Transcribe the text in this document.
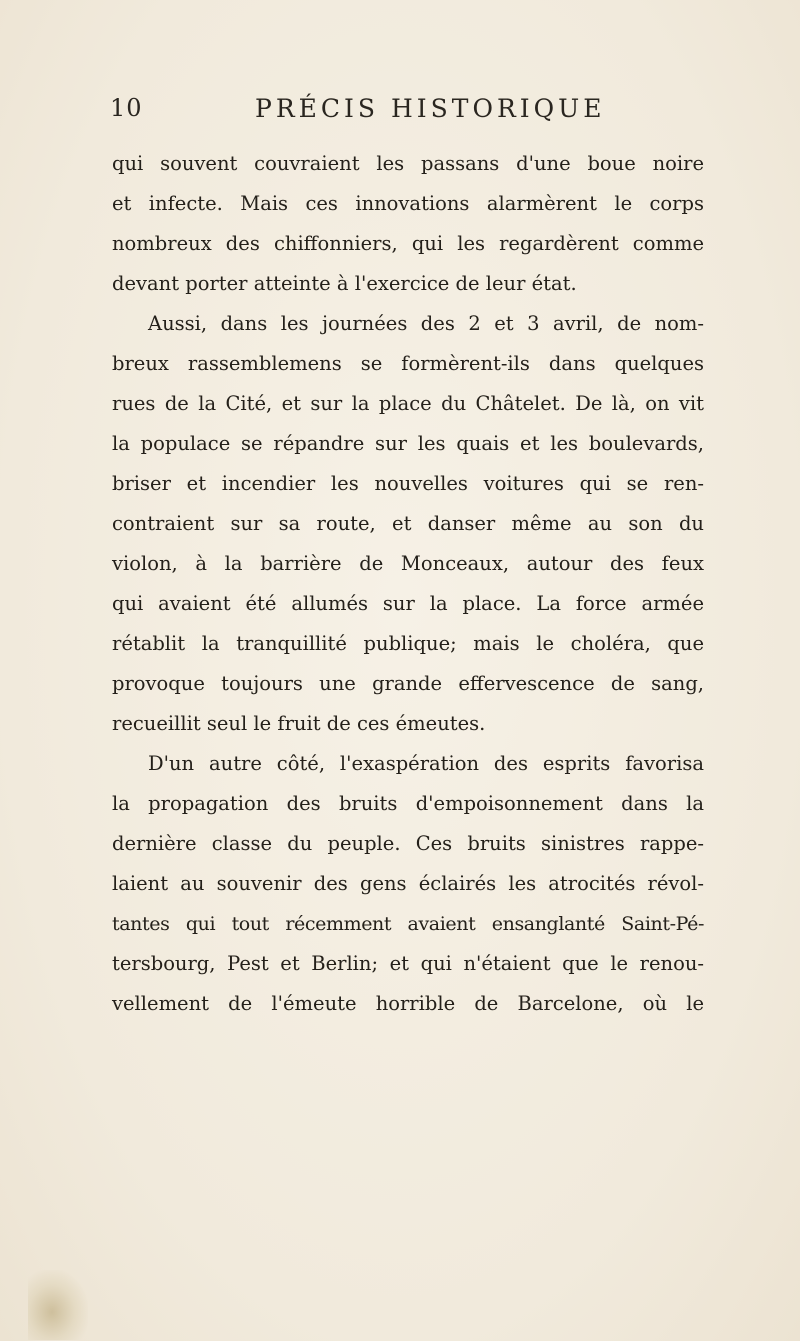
10	PRÉCIS HISTORIQUE
qui souvent couvraient les passans d'une boue noire
et infecte. Mais ces innovations alarmèrent le corps
nombreux des chiffonniers, qui les regardèrent comme
devant porter atteinte à l'exercice de leur état.
Aussi, dans les journées des 2 et 3 avril, de nom-
breux rassemblemens se formèrent-ils dans quelques
rues de la Cité, et sur la place du Châtelet. De là, on vit
la populace se répandre sur les quais et les boulevards,
briser et incendier les nouvelles voitures qui se ren-
contraient sur sa route, et danser même au son du
violon, à la barrière de Monceaux, autour des feux
qui avaient été allumés sur la place. La force armée
rétablit la tranquillité publique; mais le choléra, que
provoque toujours une grande effervescence de sang,
recueillit seul le fruit de ces émeutes.
D'un autre côté, l'exaspération des esprits favorisa
la propagation des bruits d'empoisonnement dans la
dernière classe du peuple. Ces bruits sinistres rappe-
laient au souvenir des gens éclairés les atrocités révol-
tantes qui tout récemment avaient ensanglanté Saint-Pé-
tersbourg, Pest et Berlin; et qui n'étaient que le renou-
vellement de l'émeute horrible de Barcelone, où le
